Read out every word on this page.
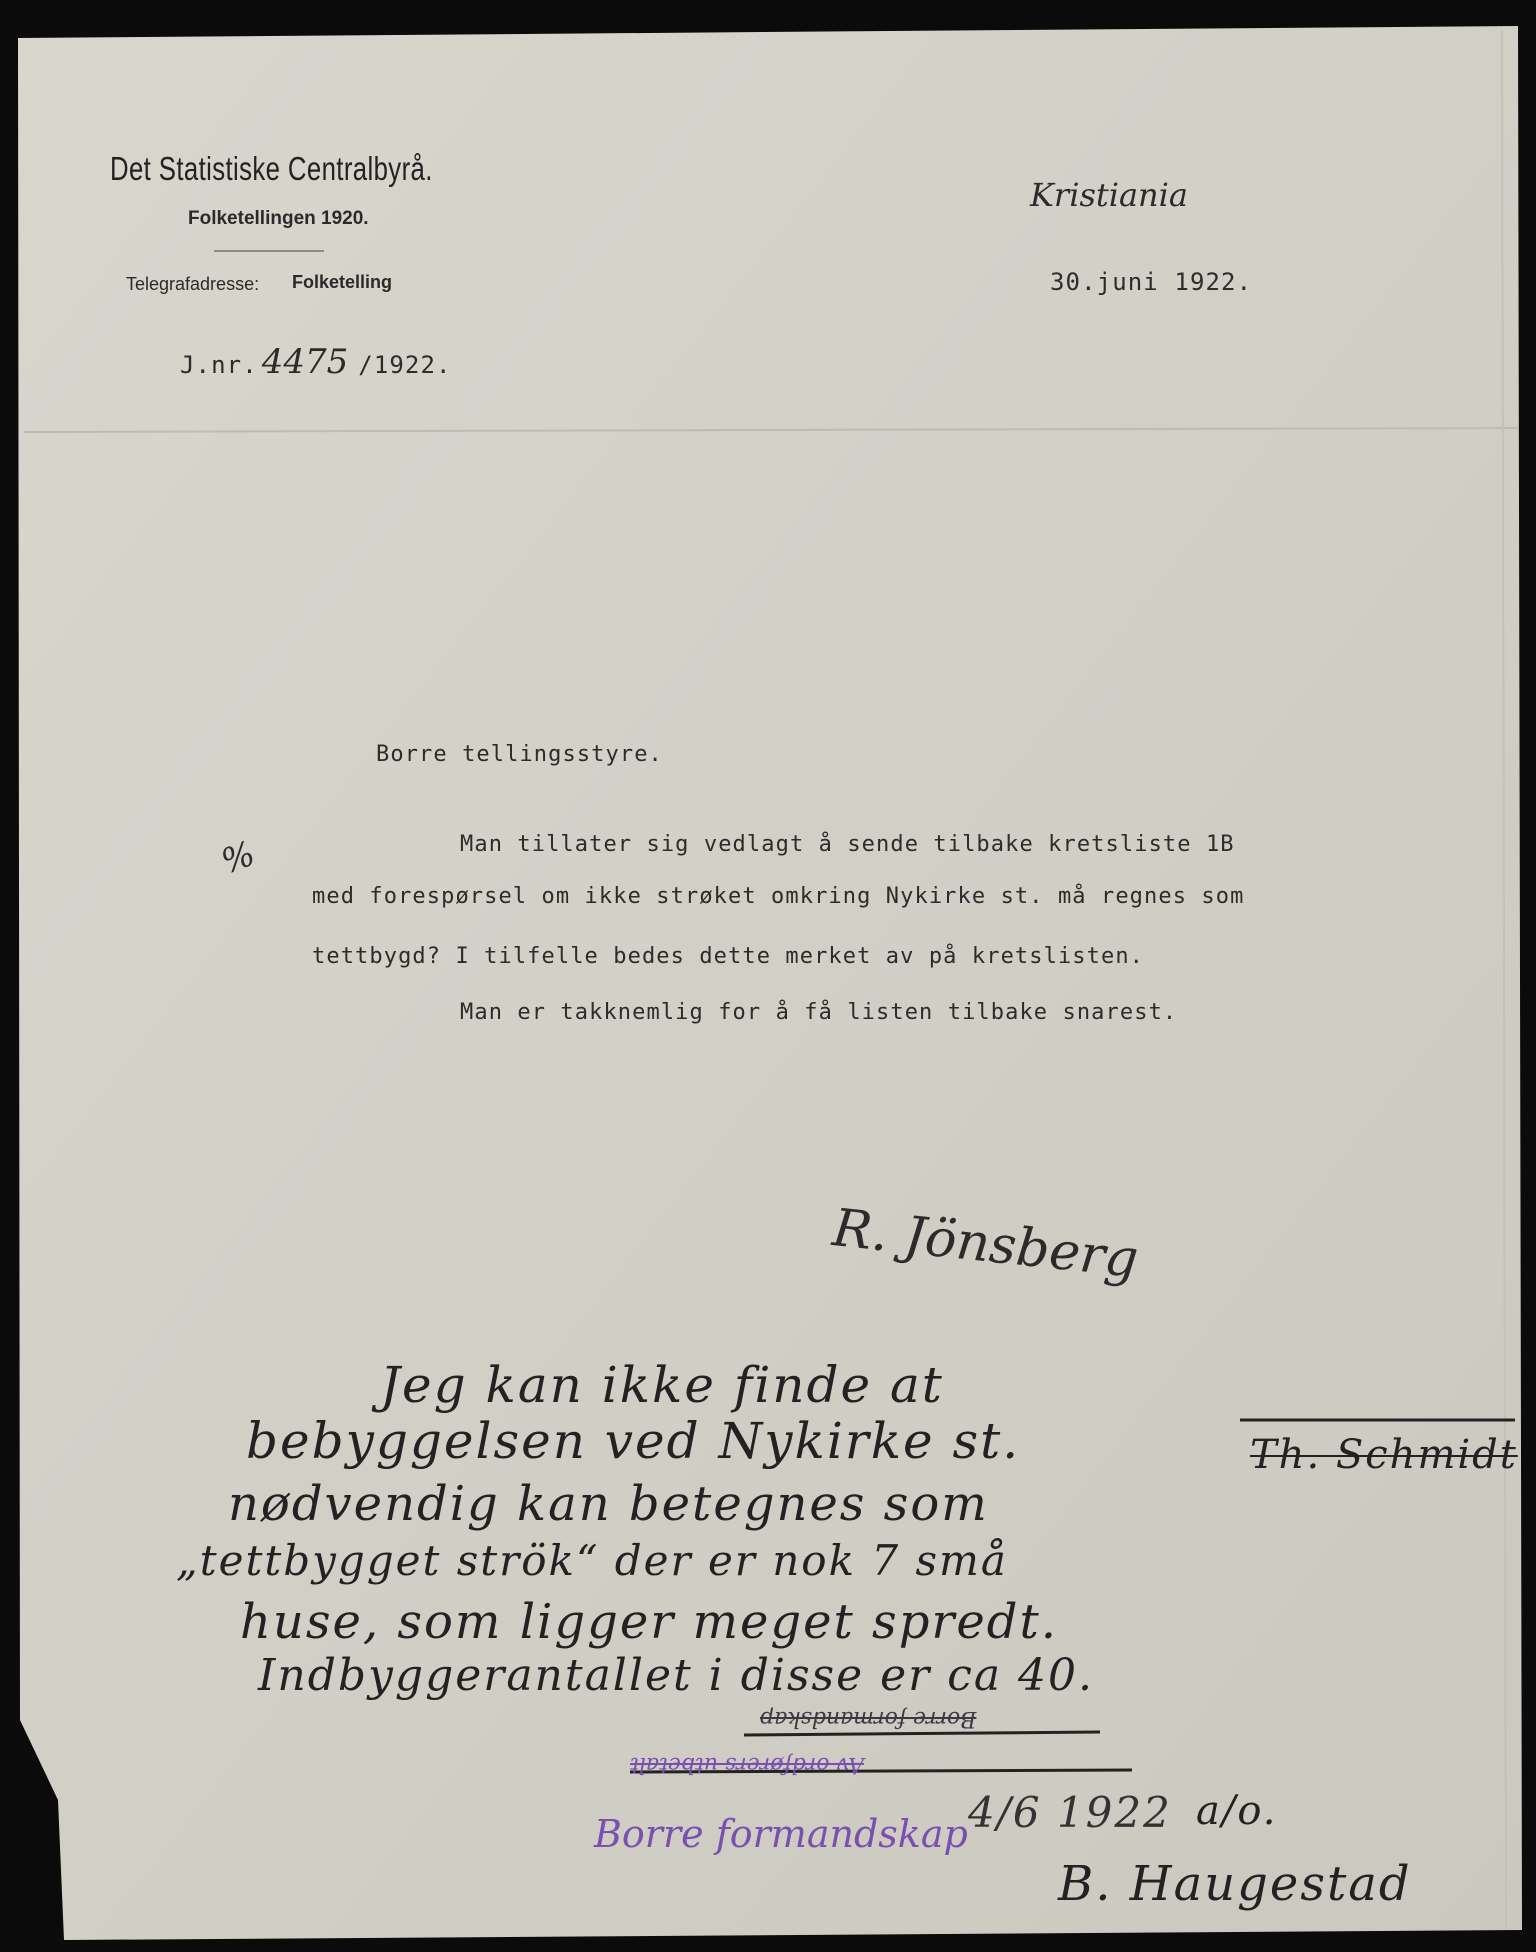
Det Statistiske Centralbyrå.
Folketellingen 1920.
Telegrafadresse: Folketelling
Kristiania
30.juni 1922.
J.nr. 4475 /1922.
%
Borre tellingsstyre.
Man tillater sig vedlagt å sende tilbake kretsliste 1B
med forespørsel om ikke strøket omkring Nykirke st. må regnes som
tettbygd? I tilfelle bedes dette merket av på kretslisten.
Man er takknemlig for å få listen tilbake snarest.
R. Jönsberg
Jeg kan ikke finde at
bebyggelsen ved Nykirke st.	Th. Schmidt
nødvendig kan betegnes som
„tettbygget strök“ der er nok 7 små
huse, som ligger meget spredt.
Indbyggerantallet i disse er ca 40.
Borre formandskap
Av ordførers utbetalt
Borre formandskap 4/6 1922 a/o.
B. Haugestad
